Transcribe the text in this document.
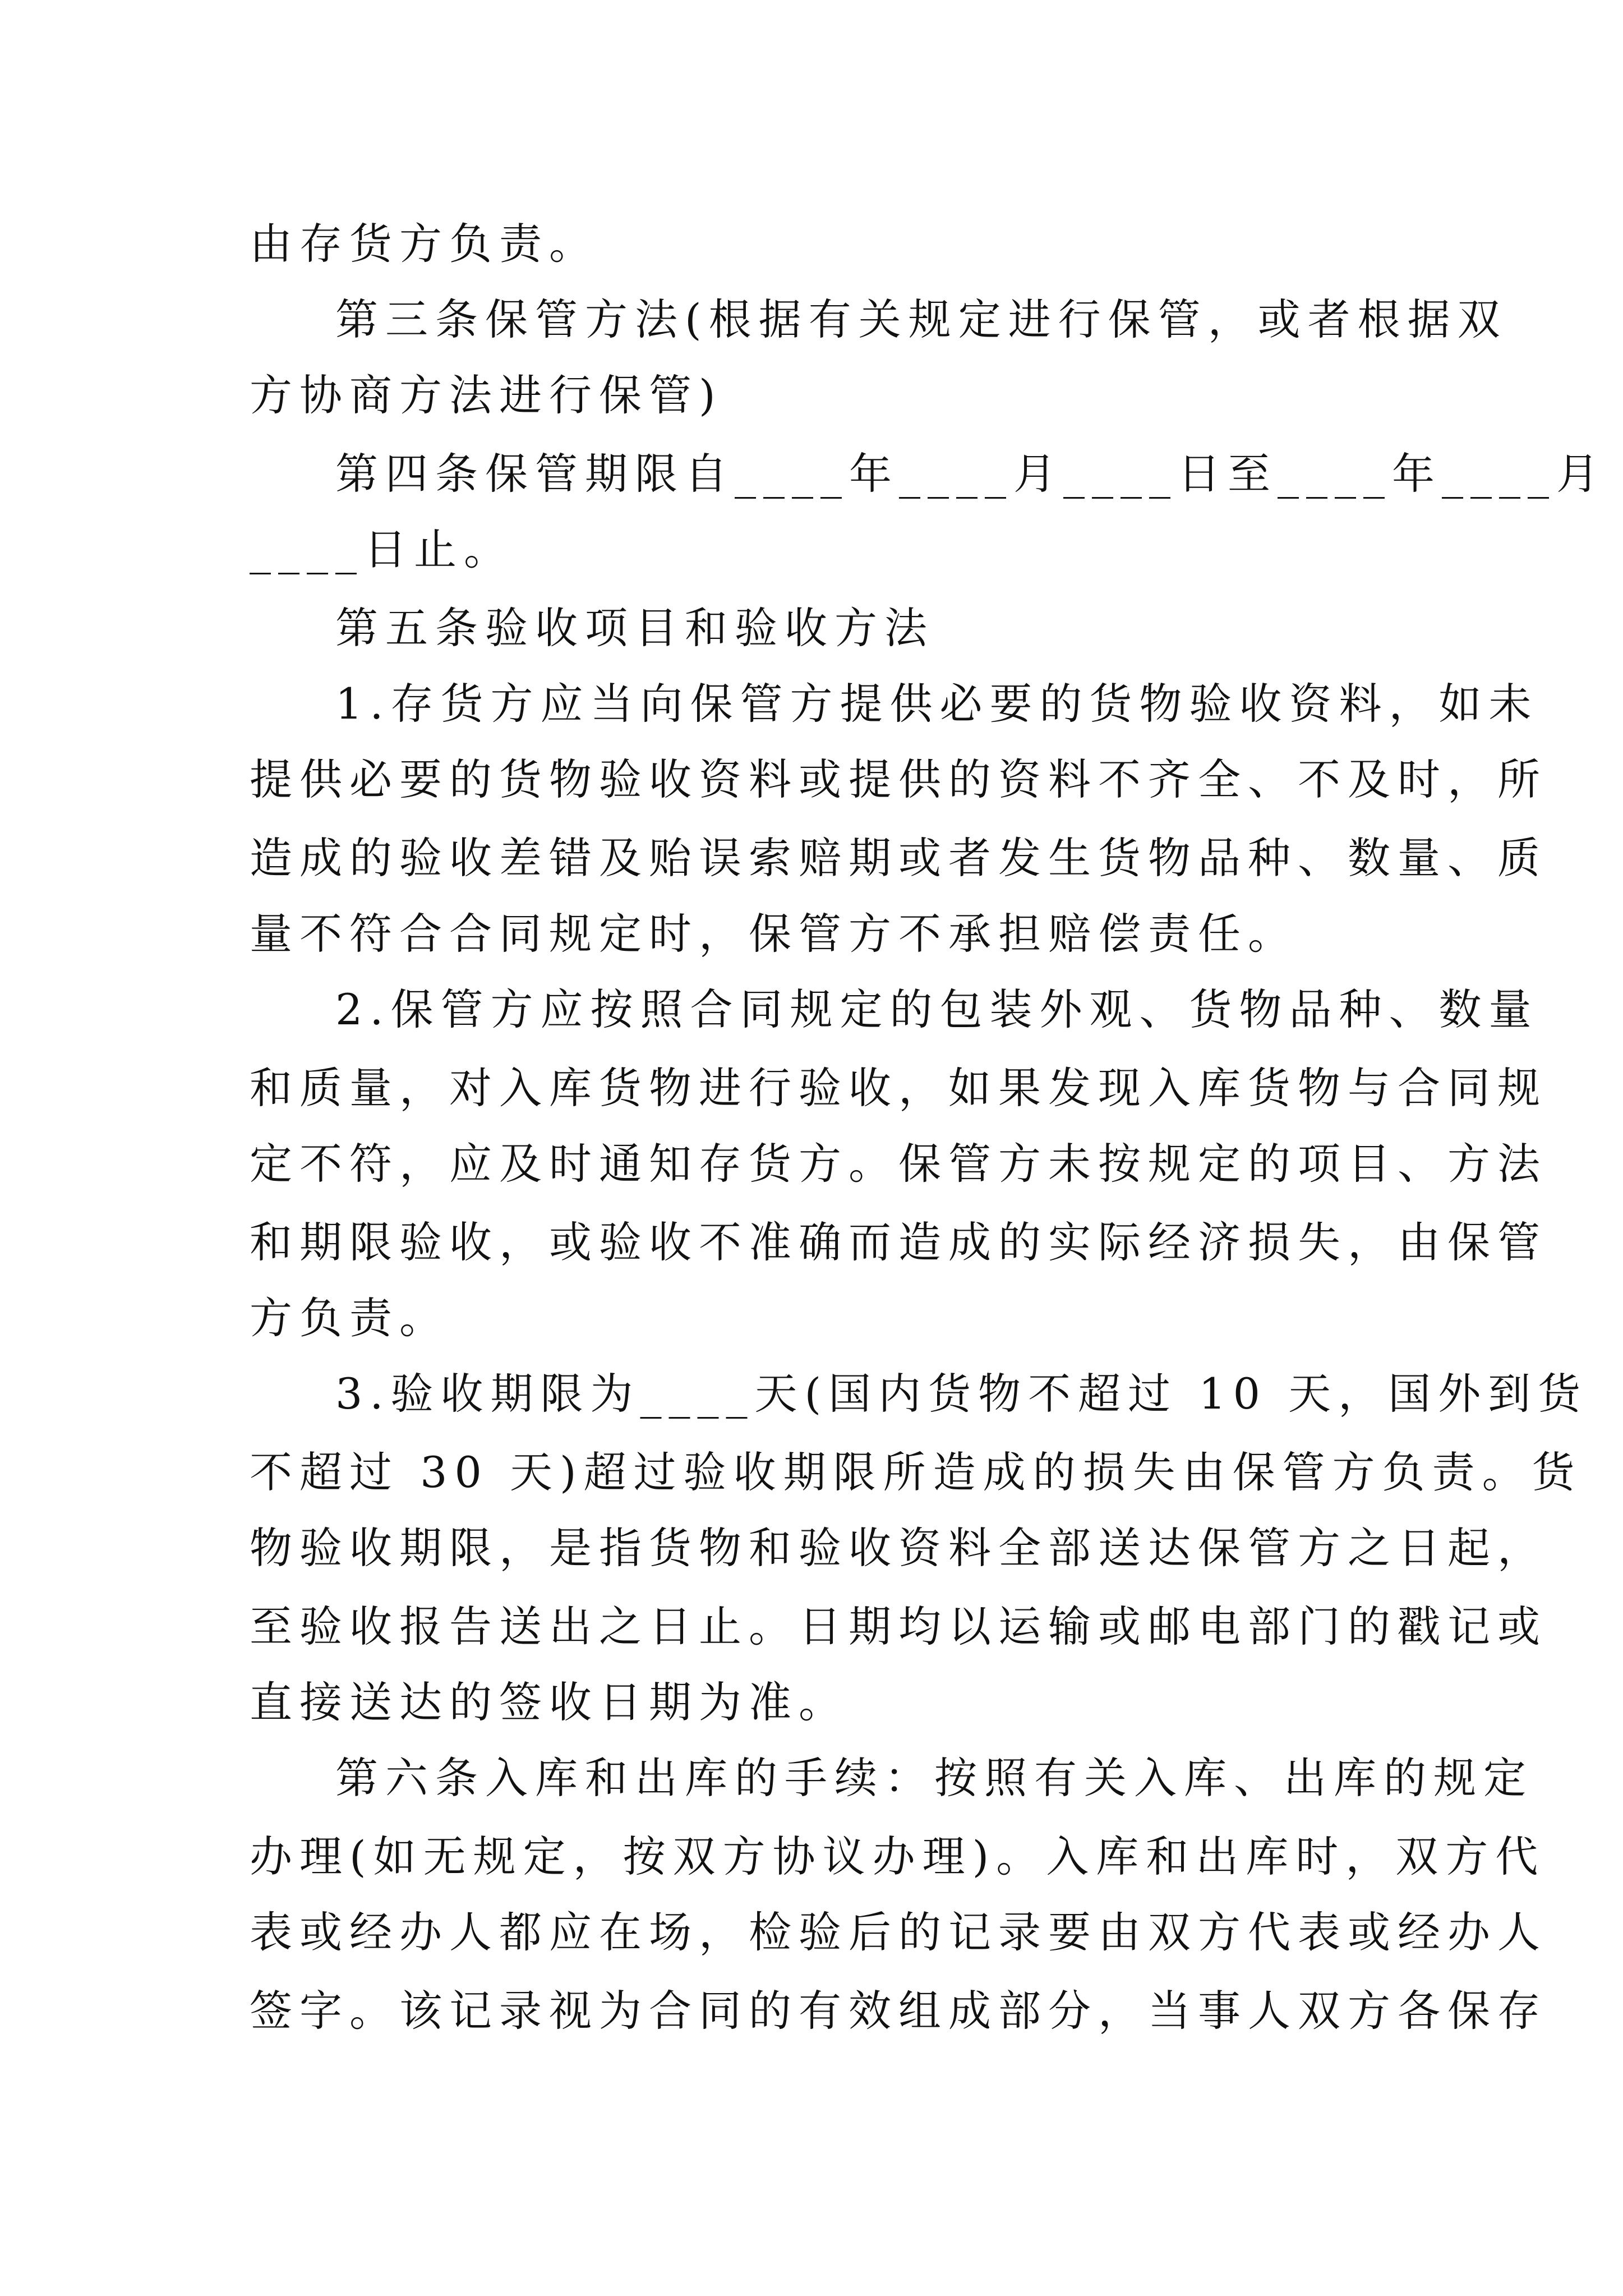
由存货方负责。
第三条保管方法(根据有关规定进行保管，或者根据双
方协商方法进行保管)
第四条保管期限自____年____月____日至____年____月
____日止。
第五条验收项目和验收方法
1.存货方应当向保管方提供必要的货物验收资料，如未
提供必要的货物验收资料或提供的资料不齐全、不及时，所
造成的验收差错及贻误索赔期或者发生货物品种、数量、质
量不符合合同规定时，保管方不承担赔偿责任。
2.保管方应按照合同规定的包装外观、货物品种、数量
和质量，对入库货物进行验收，如果发现入库货物与合同规
定不符，应及时通知存货方。保管方未按规定的项目、方法
和期限验收，或验收不准确而造成的实际经济损失，由保管
方负责。
3.验收期限为____天(国内货物不超过 10 天，国外到货
不超过 30 天)超过验收期限所造成的损失由保管方负责。货
物验收期限，是指货物和验收资料全部送达保管方之日起，
至验收报告送出之日止。日期均以运输或邮电部门的戳记或
直接送达的签收日期为准。
第六条入库和出库的手续：按照有关入库、出库的规定
办理(如无规定，按双方协议办理)。入库和出库时，双方代
表或经办人都应在场，检验后的记录要由双方代表或经办人
签字。该记录视为合同的有效组成部分，当事人双方各保存
